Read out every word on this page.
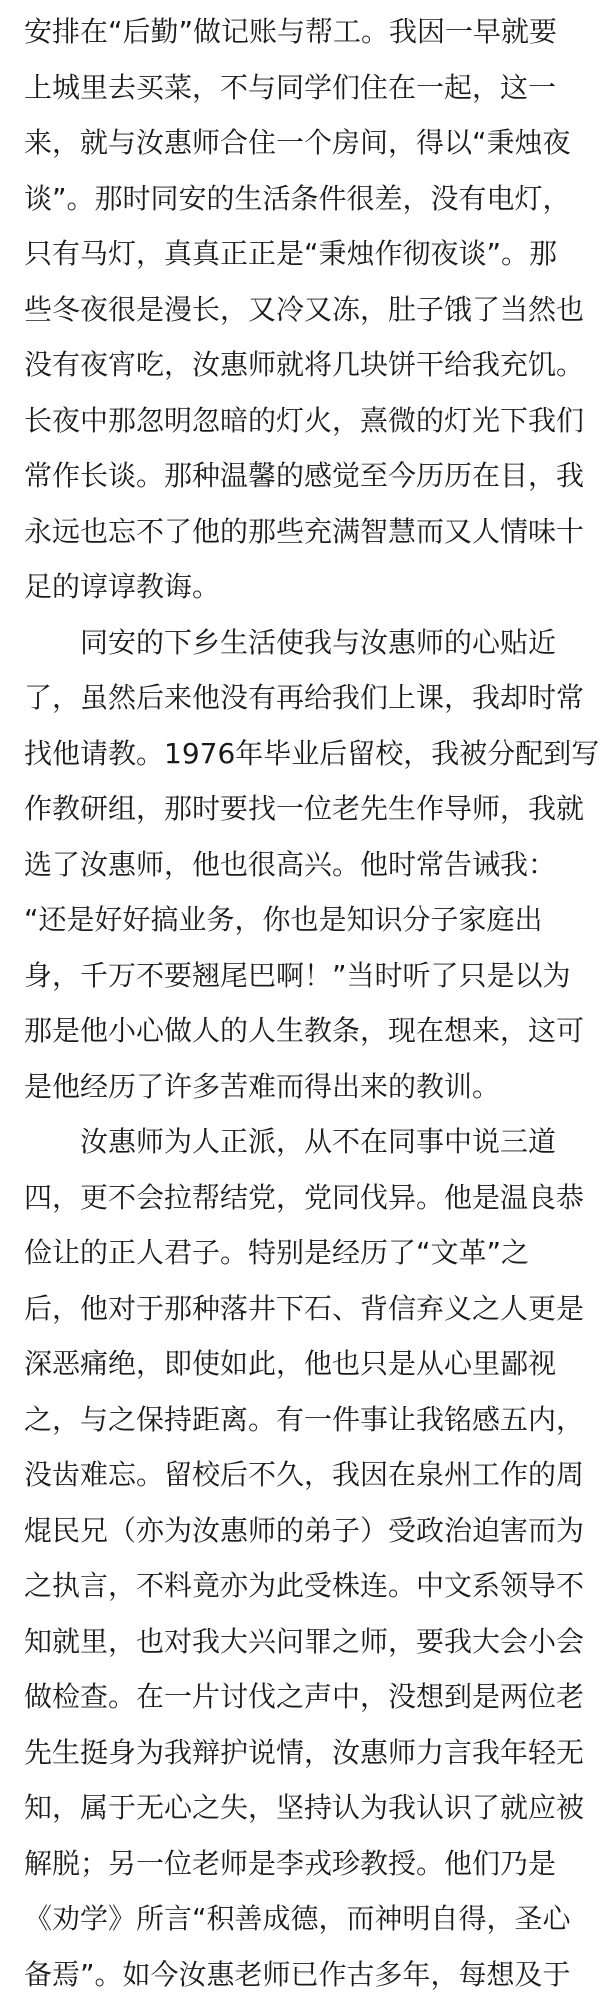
安排在“后勤”做记账与帮工。我因一早就要
上城里去买菜，不与同学们住在一起，这一
来，就与汝惠师合住一个房间，得以“秉烛夜
谈”。那时同安的生活条件很差，没有电灯，
只有马灯，真真正正是“秉烛作彻夜谈”。那
些冬夜很是漫长，又冷又冻，肚子饿了当然也
没有夜宵吃，汝惠师就将几块饼干给我充饥。
长夜中那忽明忽暗的灯火，熹微的灯光下我们
常作长谈。那种温馨的感觉至今历历在目，我
永远也忘不了他的那些充满智慧而又人情味十
足的谆谆教诲。
同安的下乡生活使我与汝惠师的心贴近
了，虽然后来他没有再给我们上课，我却时常
找他请教。1976年毕业后留校，我被分配到写
作教研组，那时要找一位老先生作导师，我就
选了汝惠师，他也很高兴。他时常告诫我：
“还是好好搞业务，你也是知识分子家庭出
身，千万不要翘尾巴啊！”当时听了只是以为
那是他小心做人的人生教条，现在想来，这可
是他经历了许多苦难而得出来的教训。
汝惠师为人正派，从不在同事中说三道
四，更不会拉帮结党，党同伐异。他是温良恭
俭让的正人君子。特别是经历了“文革”之
后，他对于那种落井下石、背信弃义之人更是
深恶痛绝，即使如此，他也只是从心里鄙视
之，与之保持距离。有一件事让我铭感五内，
没齿难忘。留校后不久，我因在泉州工作的周
焜民兄（亦为汝惠师的弟子）受政治迫害而为
之执言，不料竟亦为此受株连。中文系领导不
知就里，也对我大兴问罪之师，要我大会小会
做检查。在一片讨伐之声中，没想到是两位老
先生挺身为我辩护说情，汝惠师力言我年轻无
知，属于无心之失，坚持认为我认识了就应被
解脱；另一位老师是李戎珍教授。他们乃是
《劝学》所言“积善成德，而神明自得，圣心
备焉”。如今汝惠老师已作古多年，每想及于
